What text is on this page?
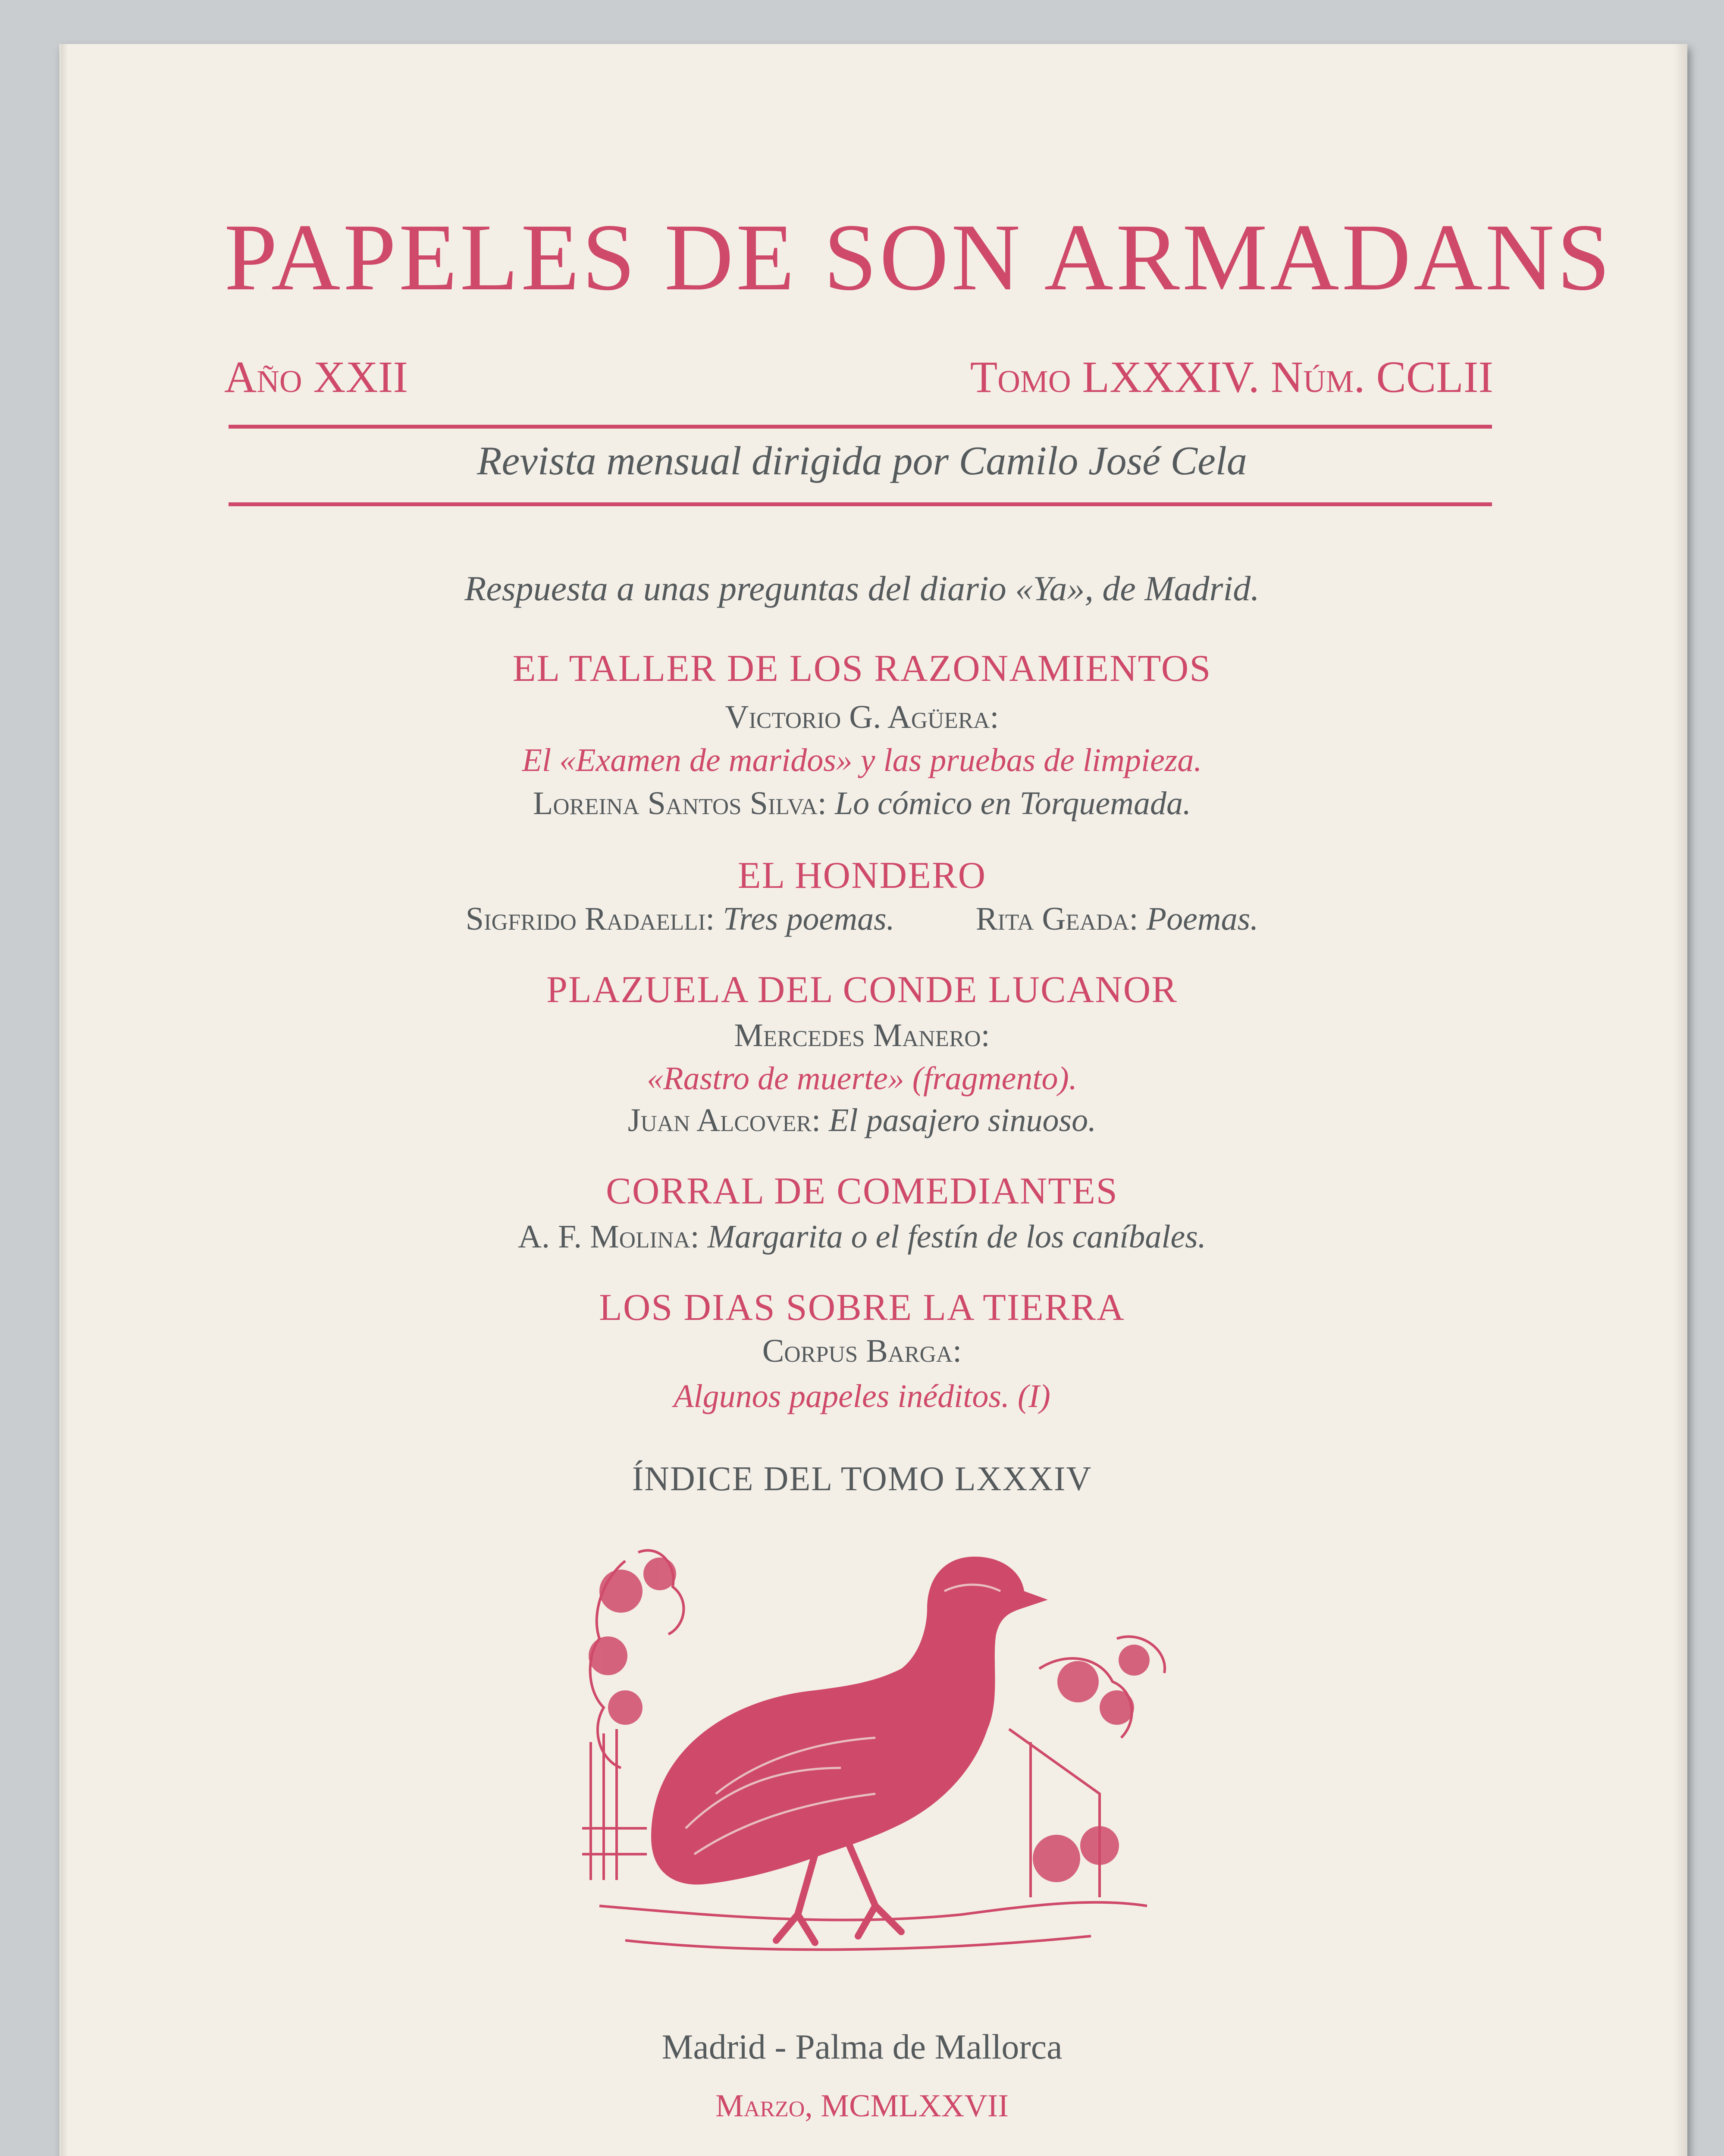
PAPELES DE SON ARMADANS
Año XXII	Tomo LXXXIV. Núm. CCLII
Revista mensual dirigida por Camilo José Cela
Respuesta a unas preguntas del diario «Ya», de Madrid.
EL TALLER DE LOS RAZONAMIENTOS
Victorio G. Agüera:
El «Examen de maridos» y las pruebas de limpieza.
Loreina Santos Silva: Lo cómico en Torquemada.
EL HONDERO
Sigfrido Radaelli: Tres poemas. Rita Geada: Poemas.
PLAZUELA DEL CONDE LUCANOR
Mercedes Manero:
«Rastro de muerte» (fragmento).
Juan Alcover: El pasajero sinuoso.
CORRAL DE COMEDIANTES
A. F. Molina: Margarita o el festín de los caníbales.
LOS DIAS SOBRE LA TIERRA
Corpus Barga:
Algunos papeles inéditos. (I)
ÍNDICE DEL TOMO LXXXIV
Madrid - Palma de Mallorca
Marzo, MCMLXXVII
